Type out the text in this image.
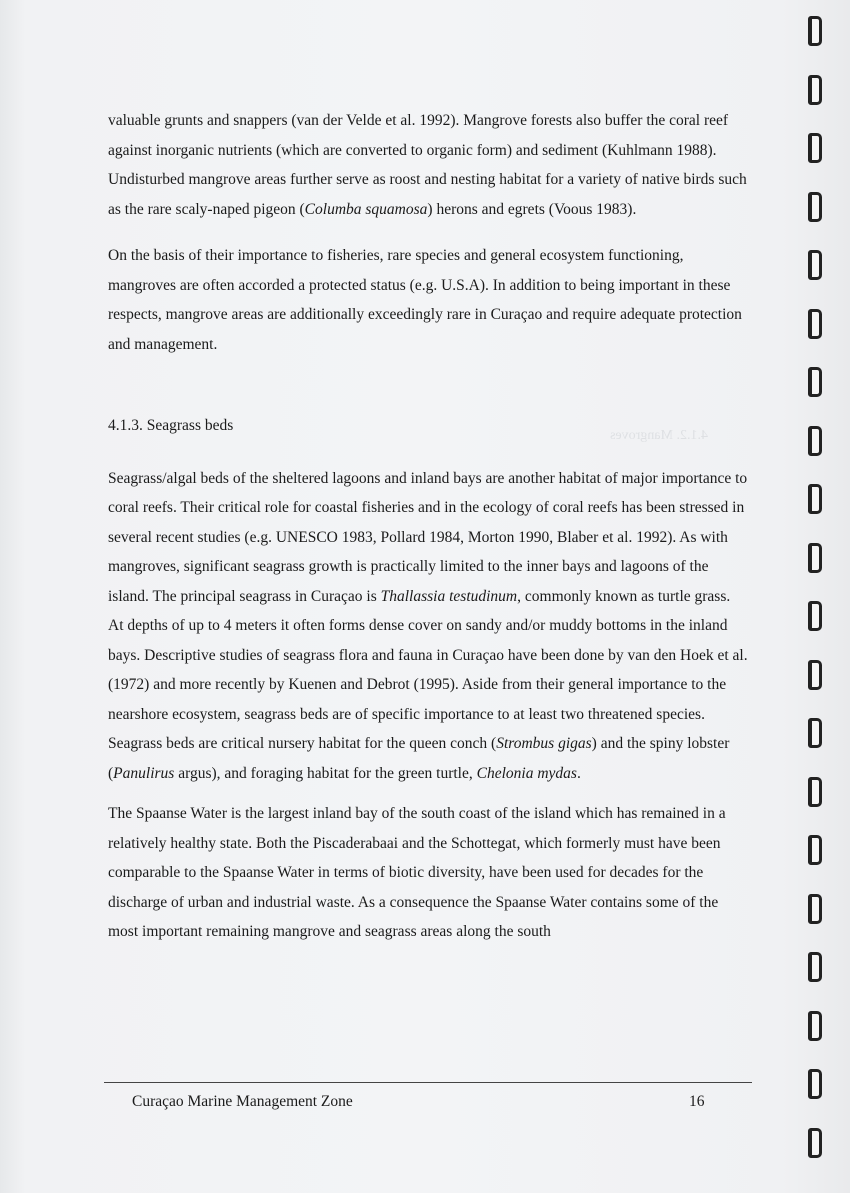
4.1.2. Mangroves

valuable grunts and snappers (van der Velde et al. 1992). Mangrove forests also buffer the coral reef against inorganic nutrients (which are converted to organic form) and sediment (Kuhlmann 1988). Undisturbed mangrove areas further serve as roost and nesting habitat for a variety of native birds such as the rare scaly-naped pigeon (Columba squamosa) herons and egrets (Voous 1983).

On the basis of their importance to fisheries, rare species and general ecosystem functioning, mangroves are often accorded a protected status (e.g. U.S.A). In addition to being important in these respects, mangrove areas are additionally exceedingly rare in Curaçao and require adequate protection and management.

4.1.3. Seagrass beds

Seagrass/algal beds of the sheltered lagoons and inland bays are another habitat of major importance to coral reefs. Their critical role for coastal fisheries and in the ecology of coral reefs has been stressed in several recent studies (e.g. UNESCO 1983, Pollard 1984, Morton 1990, Blaber et al. 1992). As with mangroves, significant seagrass growth is practically limited to the inner bays and lagoons of the island. The principal seagrass in Curaçao is Thallassia testudinum, commonly known as turtle grass. At depths of up to 4 meters it often forms dense cover on sandy and/or muddy bottoms in the inland bays. Descriptive studies of seagrass flora and fauna in Curaçao have been done by van den Hoek et al. (1972) and more recently by Kuenen and Debrot (1995). Aside from their general importance to the nearshore ecosystem, seagrass beds are of specific importance to at least two threatened species. Seagrass beds are critical nursery habitat for the queen conch (Strombus gigas) and the spiny lobster (Panulirus argus), and foraging habitat for the green turtle, Chelonia mydas.

The Spaanse Water is the largest inland bay of the south coast of the island which has remained in a relatively healthy state. Both the Piscaderabaai and the Schottegat, which formerly must have been comparable to the Spaanse Water in terms of biotic diversity, have been used for decades for the discharge of urban and industrial waste. As a consequence the Spaanse Water contains some of the most important remaining mangrove and seagrass areas along the south

Curaçao Marine Management Zone	16
